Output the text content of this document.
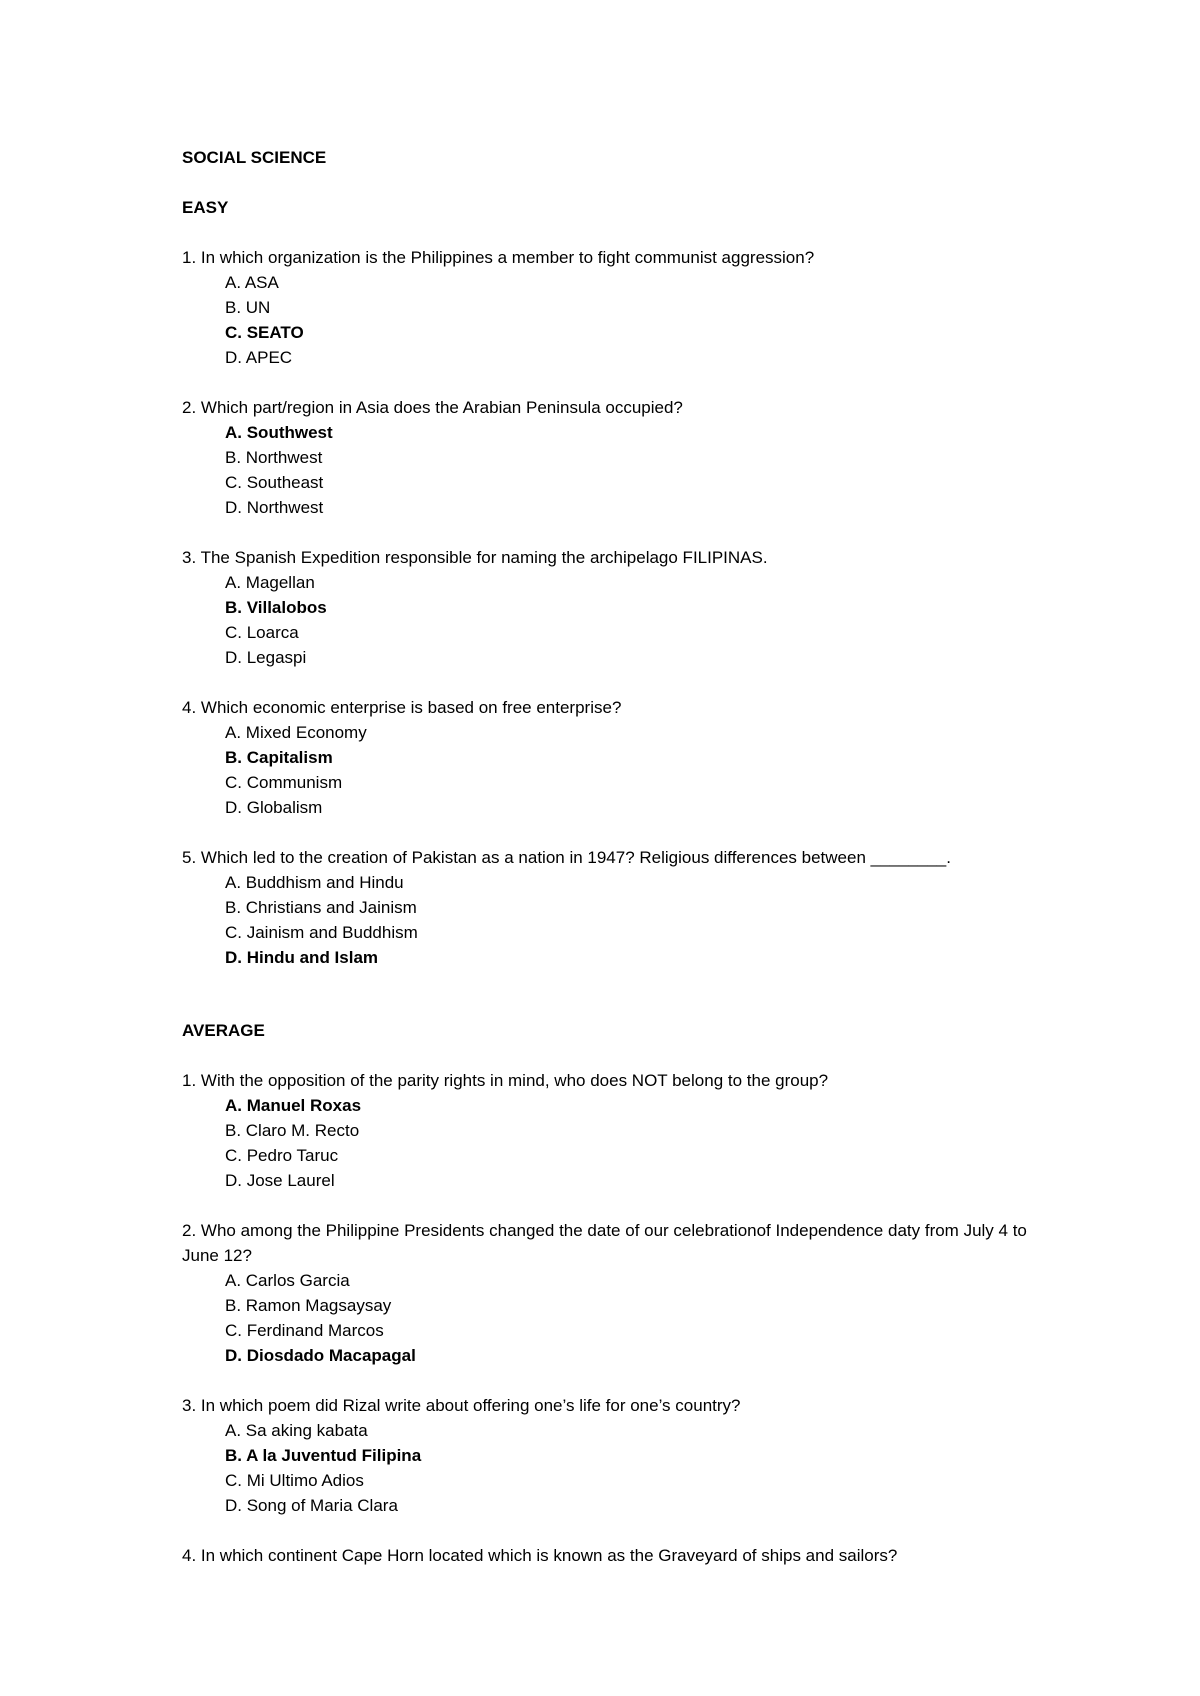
SOCIAL SCIENCE
EASY
1. In which organization is the Philippines a member to fight communist aggression?
A. ASA
B. UN
C. SEATO
D. APEC
2. Which part/region in Asia does the Arabian Peninsula occupied?
A. Southwest
B. Northwest
C. Southeast
D. Northwest
3. The Spanish Expedition responsible for naming the archipelago FILIPINAS.
A. Magellan
B. Villalobos
C. Loarca
D. Legaspi
4. Which economic enterprise is based on free enterprise?
A. Mixed Economy
B. Capitalism
C. Communism
D. Globalism
5. Which led to the creation of Pakistan as a nation in 1947? Religious differences between ________.
A. Buddhism and Hindu
B. Christians and Jainism
C. Jainism and Buddhism
D. Hindu and Islam
AVERAGE
1. With the opposition of the parity rights in mind, who does NOT belong to the group?
A. Manuel Roxas
B. Claro M. Recto
C. Pedro Taruc
D. Jose Laurel
2. Who among the Philippine Presidents changed the date of our celebrationof Independence daty from July 4 to June 12?
A. Carlos Garcia
B. Ramon Magsaysay
C. Ferdinand Marcos
D. Diosdado Macapagal
3. In which poem did Rizal write about offering one’s life for one’s country?
A. Sa aking kabata
B. A la Juventud Filipina
C. Mi Ultimo Adios
D. Song of Maria Clara
4. In which continent Cape Horn located which is known as the Graveyard of ships and sailors?
